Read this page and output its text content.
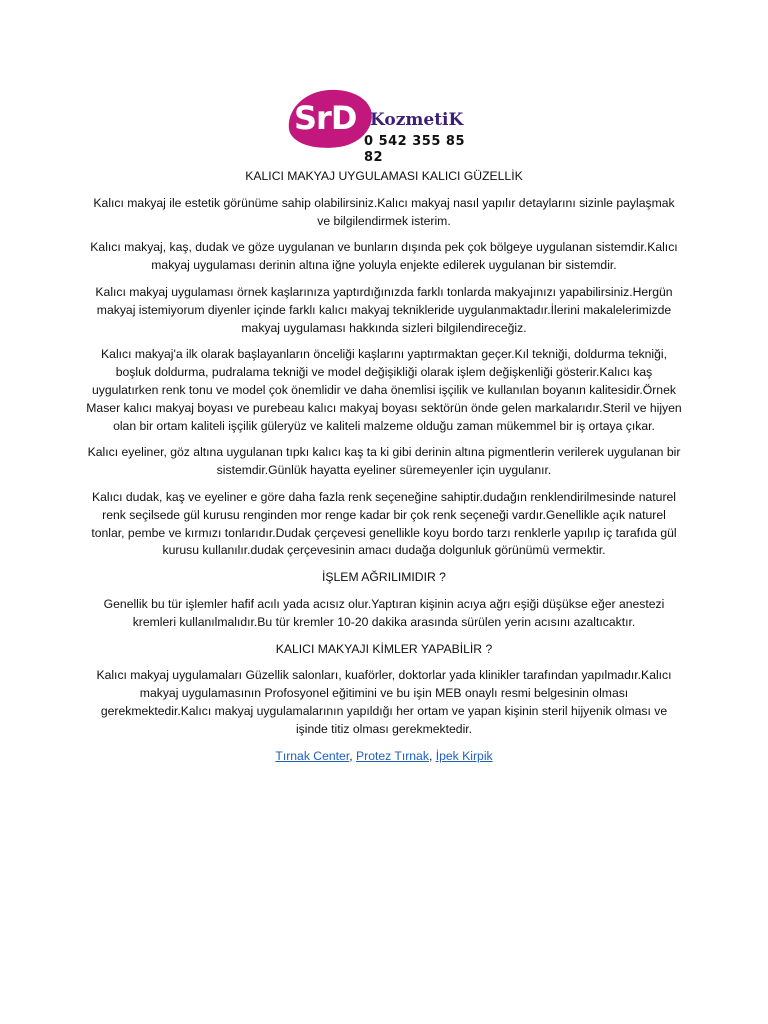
SrD KozmetiK
0 542 355 85 82
KALICI MAKYAJ UYGULAMASI KALICI GÜZELLİK

Kalıcı makyaj ile estetik görünüme sahip olabilirsiniz.Kalıcı makyaj nasıl yapılır detaylarını sizinle paylaşmak ve bilgilendirmek isterim.

Kalıcı makyaj, kaş, dudak ve göze uygulanan ve bunların dışında pek çok bölgeye uygulanan sistemdir.Kalıcı makyaj uygulaması derinin altına iğne yoluyla enjekte edilerek uygulanan bir sistemdir.

Kalıcı makyaj uygulaması örnek kaşlarınıza yaptırdığınızda farklı tonlarda makyajınızı yapabilirsiniz.Hergün makyaj istemiyorum diyenler içinde farklı kalıcı makyaj teknikleride uygulanmaktadır.İlerini makalelerimizde makyaj uygulaması hakkında sizleri bilgilendireceğiz.

Kalıcı makyaj'a ilk olarak başlayanların önceliği kaşlarını yaptırmaktan geçer.Kıl tekniği, doldurma tekniği, boşluk doldurma, pudralama tekniği ve model değişikliği olarak işlem değişkenliği gösterir.Kalıcı kaş uygulatırken renk tonu ve model çok önemlidir ve daha önemlisi işçilik ve kullanılan boyanın kalitesidir.Örnek Maser kalıcı makyaj boyası ve purebeau kalıcı makyaj boyası sektörün önde gelen markalarıdır.Steril ve hijyen olan bir ortam kaliteli işçilik güleryüz ve kaliteli malzeme olduğu zaman mükemmel bir iş ortaya çıkar.

Kalıcı eyeliner, göz altına uygulanan tıpkı kalıcı kaş ta ki gibi derinin altına pigmentlerin verilerek uygulanan bir sistemdir.Günlük hayatta eyeliner süremeyenler için uygulanır.

Kalıcı dudak, kaş ve eyeliner e göre daha fazla renk seçeneğine sahiptir.dudağın renklendirilmesinde naturel renk seçilsede gül kurusu renginden mor renge kadar bir çok renk seçeneği vardır.Genellikle açık naturel tonlar, pembe ve kırmızı tonlarıdır.Dudak çerçevesi genellikle koyu bordo tarzı renklerle yapılıp iç tarafıda gül kurusu kullanılır.dudak çerçevesinin amacı dudağa dolgunluk görünümü vermektir.

İŞLEM AĞRILIMIDIR ?

Genellik bu tür işlemler hafif acılı yada acısız olur.Yaptıran kişinin acıya ağrı eşiği düşükse eğer anestezi kremleri kullanılmalıdır.Bu tür kremler 10-20 dakika arasında sürülen yerin acısını azaltıcaktır.

KALICI MAKYAJI KİMLER YAPABİLİR ?

Kalıcı makyaj uygulamaları Güzellik salonları, kuaförler, doktorlar yada klinikler tarafından yapılmadır.Kalıcı makyaj uygulamasının Profosyonel eğitimini ve bu işin MEB onaylı resmi belgesinin olması gerekmektedir.Kalıcı makyaj uygulamalarının yapıldığı her ortam ve yapan kişinin steril hijyenik olması ve işinde titiz olması gerekmektedir.

Tırnak Center, Protez Tırnak, İpek Kirpik
